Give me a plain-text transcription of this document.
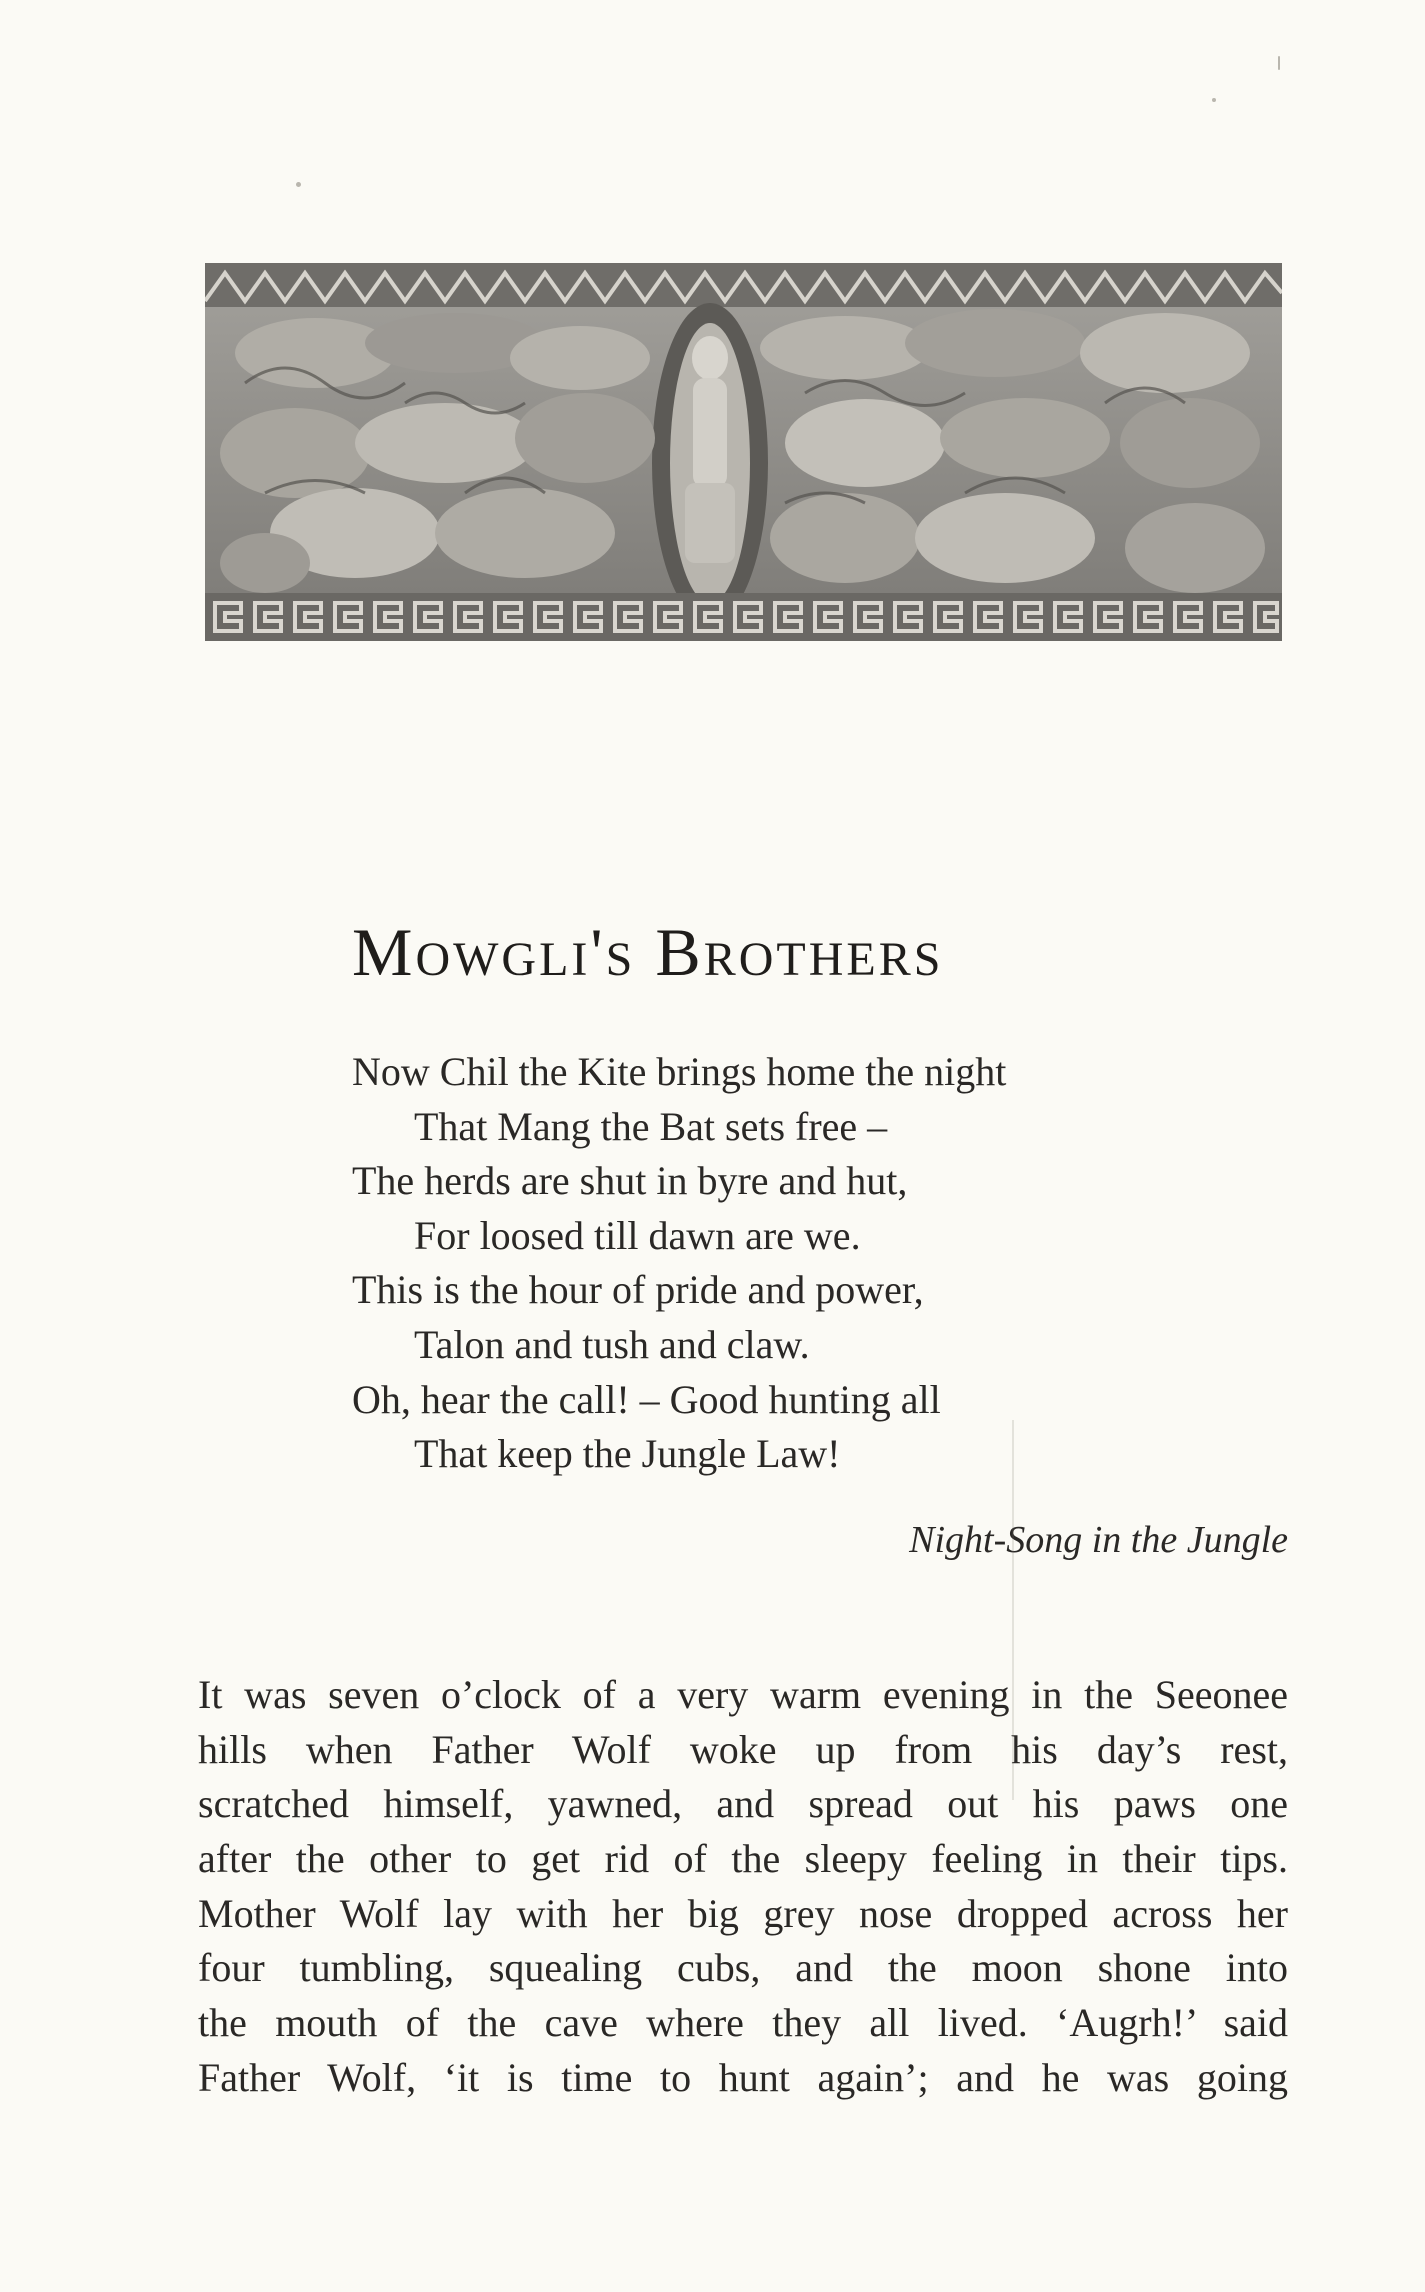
Mowgli's Brothers
Now Chil the Kite brings home the night
That Mang the Bat sets free –
The herds are shut in byre and hut,
For loosed till dawn are we.
This is the hour of pride and power,
Talon and tush and claw.
Oh, hear the call! – Good hunting all
That keep the Jungle Law!
Night-Song in the Jungle
It was seven o’clock of a very warm evening in the Seeonee
hills when Father Wolf woke up from his day’s rest,
scratched himself, yawned, and spread out his paws one
after the other to get rid of the sleepy feeling in their tips.
Mother Wolf lay with her big grey nose dropped across her
four tumbling, squealing cubs, and the moon shone into
the mouth of the cave where they all lived. ‘Augrh!’ said
Father Wolf, ‘it is time to hunt again’; and he was going
